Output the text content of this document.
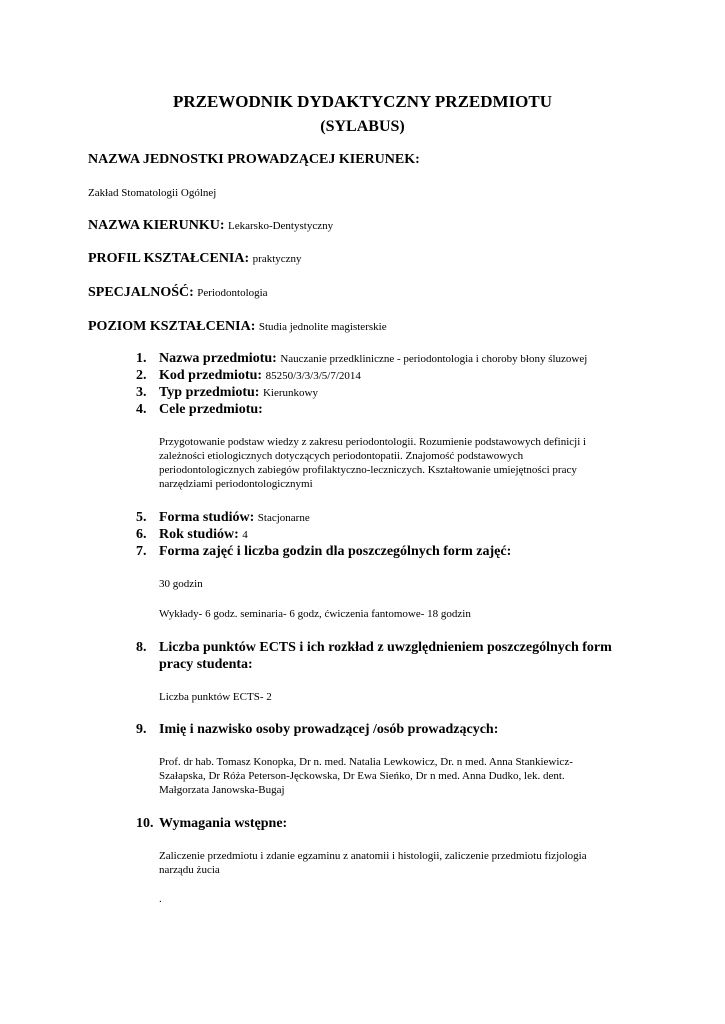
PRZEWODNIK DYDAKTYCZNY PRZEDMIOTU
(SYLABUS)
NAZWA JEDNOSTKI PROWADZĄCEJ KIERUNEK:
Zakład Stomatologii Ogólnej
NAZWA KIERUNKU: Lekarsko-Dentystyczny
PROFIL KSZTAŁCENIA: praktyczny
SPECJALNOŚĆ: Periodontologia
POZIOM KSZTAŁCENIA: Studia jednolite magisterskie
1. Nazwa przedmiotu: Nauczanie przedkliniczne - periodontologia i choroby błony śluzowej
2. Kod przedmiotu: 85250/3/3/3/5/7/2014
3. Typ przedmiotu: Kierunkowy
4. Cele przedmiotu:
Przygotowanie podstaw wiedzy z zakresu periodontologii. Rozumienie podstawowych definicji i
zależności etiologicznych dotyczących periodontopatii. Znajomość podstawowych
periodontologicznych zabiegów profilaktyczno-leczniczych. Kształtowanie umiejętności pracy
narzędziami periodontologicznymi
5. Forma studiów: Stacjonarne
6. Rok studiów: 4
7. Forma zajęć i liczba godzin dla poszczególnych form zajęć:
30 godzin
Wykłady- 6 godz. seminaria- 6 godz, ćwiczenia fantomowe- 18 godzin
8. Liczba punktów ECTS i ich rozkład z uwzględnieniem poszczególnych form
pracy studenta:
Liczba punktów ECTS- 2
9. Imię i nazwisko osoby prowadzącej /osób prowadzących:
Prof. dr hab. Tomasz Konopka, Dr n. med. Natalia Lewkowicz, Dr. n med. Anna Stankiewicz-
Szałapska, Dr Róża Peterson-Jęckowska, Dr Ewa Sieńko, Dr n med. Anna Dudko, lek. dent.
Małgorzata Janowska-Bugaj
10. Wymagania wstępne:
Zaliczenie przedmiotu i zdanie egzaminu z anatomii i histologii, zaliczenie przedmiotu fizjologia
narządu żucia
.
